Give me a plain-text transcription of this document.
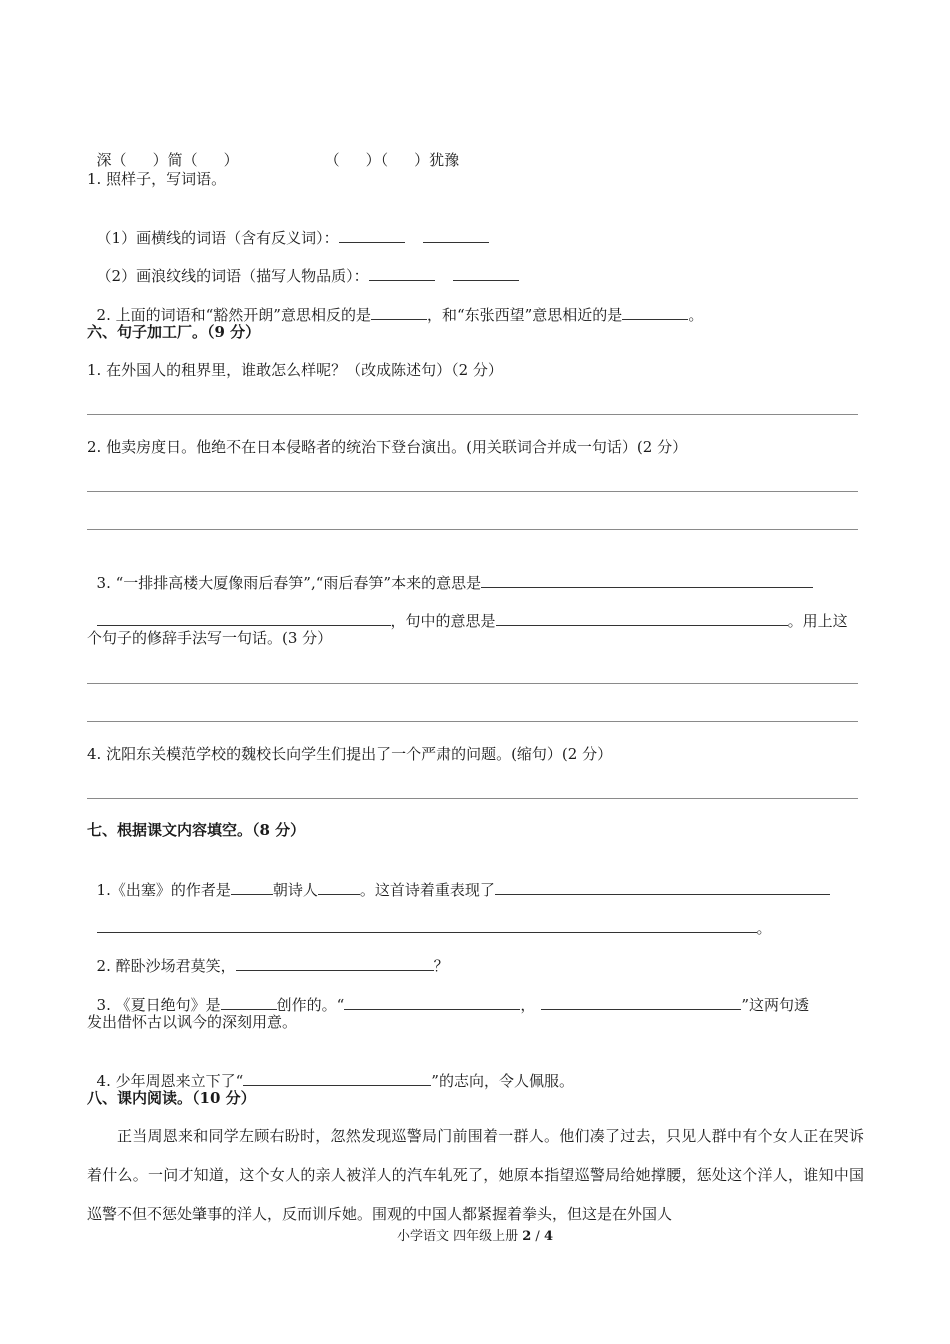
深（ ）简（ ）	（ ）（ ）犹豫

1. 照样子，写词语。

（1）画横线的词语（含有反义词）：

（2）画浪纹线的词语（描写人物品质）：

2. 上面的词语和“豁然开朗”意思相反的是	，和“东张西望”意思相近的是	。

六、句子加工厂。（9 分）
1. 在外国人的租界里，谁敢怎么样呢？（改成陈述句）（2 分）
2. 他卖房度日。他绝不在日本侵略者的统治下登台演出。(用关联词合并成一句话）(2 分）

3. “一排排高楼大厦像雨后春笋”,“雨后春笋”本来的意思是

，句中的意思是	。用上这

个句子的修辞手法写一句话。(3 分）
4. 沈阳东关模范学校的魏校长向学生们提出了一个严肃的问题。(缩句）(2 分）
七、根据课文内容填空。（8 分）

1.《出塞》的作者是	朝诗人	。这首诗着重表现了

。

2. 醉卧沙场君莫笑，	？

3. 《夏日绝句》是	创作的。“	，	”这两句透

发出借怀古以讽今的深刻用意。

4. 少年周恩来立下了“	”的志向，令人佩服。

八、课内阅读。（10 分）
正当周恩来和同学左顾右盼时，忽然发现巡警局门前围着一群人。他们凑了过去，只见人群中有个女人正在哭诉着什么。一问才知道，这个女人的亲人被洋人的汽车轧死了，她原本指望巡警局给她撑腰，惩处这个洋人，谁知中国巡警不但不惩处肇事的洋人，反而训斥她。围观的中国人都紧握着拳头，但这是在外国人
小学语文 四年级上册 2 / 4
